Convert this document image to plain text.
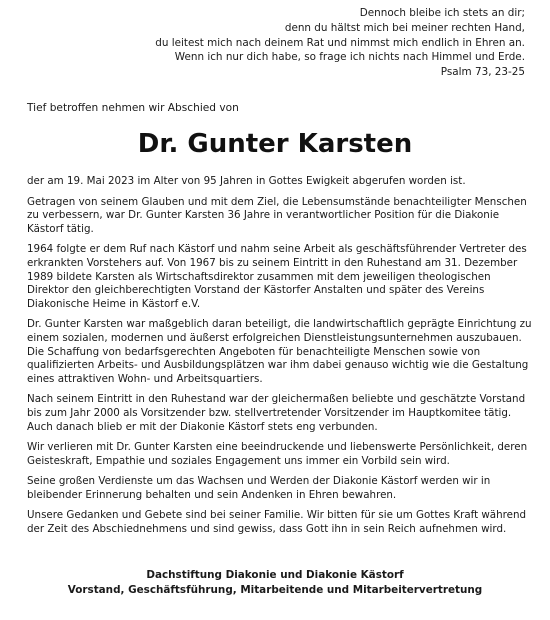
Dennoch bleibe ich stets an dir;
denn du hältst mich bei meiner rechten Hand,
du leitest mich nach deinem Rat und nimmst mich endlich in Ehren an.
Wenn ich nur dich habe, so frage ich nichts nach Himmel und Erde.
Psalm 73, 23-25
Tief betroffen nehmen wir Abschied von
Dr. Gunter Karsten

der am 19. Mai 2023 im Alter von 95 Jahren in Gottes Ewigkeit abgerufen worden ist.

Getragen von seinem Glauben und mit dem Ziel, die Lebensumstände benachteiligter Menschen zu verbessern, war Dr. Gunter Karsten 36 Jahre in verantwortlicher Position für die Diakonie Kästorf tätig.

1964 folgte er dem Ruf nach Kästorf und nahm seine Arbeit als geschäftsführender Vertreter des erkrankten Vorstehers auf. Von 1967 bis zu seinem Eintritt in den Ruhestand am 31. Dezember 1989 bildete Karsten als Wirtschaftsdirektor zusammen mit dem jeweiligen theologischen Direktor den gleichberechtigten Vorstand der Kästorfer Anstalten und später des Vereins Diakonische Heime in Kästorf e.V.

Dr. Gunter Karsten war maßgeblich daran beteiligt, die landwirtschaftlich geprägte Einrichtung zu einem sozialen, modernen und äußerst erfolgreichen Dienstleistungsunternehmen auszubauen. Die Schaffung von bedarfsgerechten Angeboten für benachteiligte Menschen sowie von qualifizierten Arbeits- und Ausbildungsplätzen war ihm dabei genauso wichtig wie die Gestaltung eines attraktiven Wohn- und Arbeitsquartiers.

Nach seinem Eintritt in den Ruhestand war der gleichermaßen beliebte und geschätzte Vorstand bis zum Jahr 2000 als Vorsitzender bzw. stellvertretender Vorsitzender im Hauptkomitee tätig. Auch danach blieb er mit der Diakonie Kästorf stets eng verbunden.

Wir verlieren mit Dr. Gunter Karsten eine beeindruckende und liebenswerte Persönlichkeit, deren Geisteskraft, Empathie und soziales Engagement uns immer ein Vorbild sein wird.

Seine großen Verdienste um das Wachsen und Werden der Diakonie Kästorf werden wir in bleibender Erinnerung behalten und sein Andenken in Ehren bewahren.

Unsere Gedanken und Gebete sind bei seiner Familie. Wir bitten für sie um Gottes Kraft während der Zeit des Abschiednehmens und sind gewiss, dass Gott ihn in sein Reich aufnehmen wird.

Dachstiftung Diakonie und Diakonie Kästorf
Vorstand, Geschäftsführung, Mitarbeitende und Mitarbeitervertretung
